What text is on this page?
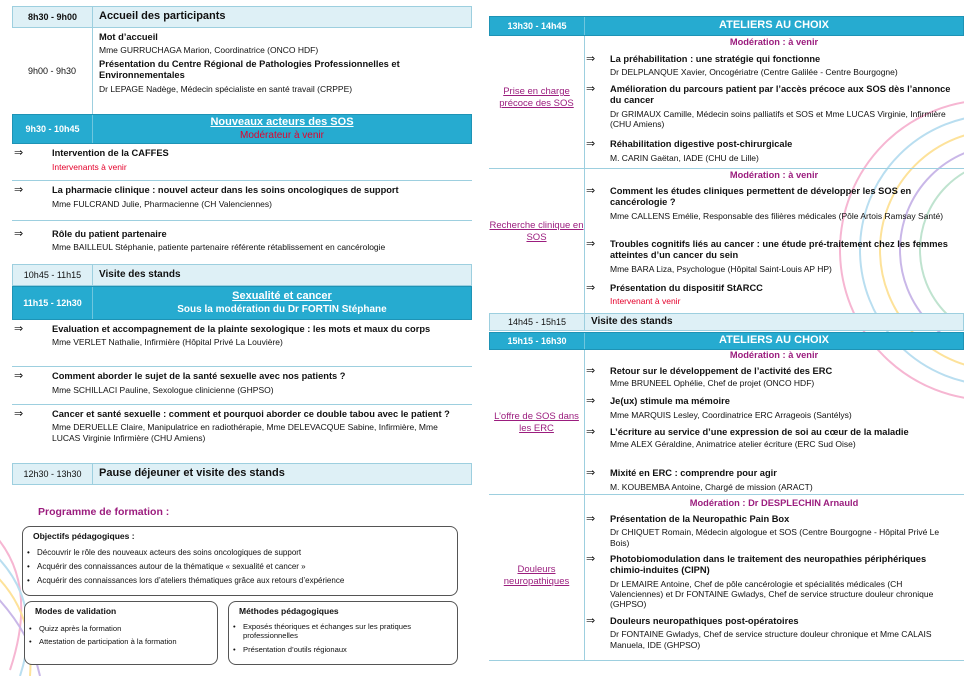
8h30 - 9h00	Accueil des participants
9h00 - 9h30
Mot d’accueil
Mme GURRUCHAGA Marion, Coordinatrice (ONCO HDF)
Présentation du Centre Régional de Pathologies Professionnelles et Environnementales
Dr LEPAGE Nadège, Médecin spécialiste en santé travail (CRPPE)
9h30 - 10h45
Nouveaux acteurs des SOS
Modérateur à venir
⇒	Intervention de la CAFFES
Intervenants à venir
⇒	La pharmacie clinique : nouvel acteur dans les soins oncologiques de support
Mme FULCRAND Julie, Pharmacienne (CH Valenciennes)
⇒	Rôle du patient partenaire
Mme BAILLEUL Stéphanie, patiente partenaire référente rétablissement en cancérologie
10h45 - 11h15	Visite des stands
11h15 - 12h30
Sexualité et cancer
Sous la modération du Dr FORTIN Stéphane
⇒	Evaluation et accompagnement de la plainte sexologique : les mots et maux du corps
Mme VERLET Nathalie, Infirmière (Hôpital Privé La Louvière)
⇒	Comment aborder le sujet de la santé sexuelle avec nos patients ?
Mme SCHILLACI Pauline, Sexologue clinicienne (GHPSO)
⇒	Cancer et santé sexuelle : comment et pourquoi aborder ce double tabou avec le patient ?
Mme DERUELLE Claire, Manipulatrice en radiothérapie, Mme DELEVACQUE Sabine, Infirmière, Mme LUCAS Virginie Infirmière (CHU Amiens)
12h30 - 13h30	Pause déjeuner et visite des stands
Programme de formation :
Objectifs pédagogiques :
• Découvrir le rôle des nouveaux acteurs des soins oncologiques de support
• Acquérir des connaissances autour de la thématique « sexualité et cancer »
• Acquérir des connaissances lors d’ateliers thématiques grâce aux retours d’expérience
Modes de validation
• Quizz après la formation
• Attestation de participation à la formation
Méthodes pédagogiques
• Exposés théoriques et échanges sur les pratiques professionnelles
• Présentation d’outils régionaux
13h30 - 14h45	ATELIERS AU CHOIX
Modération : à venir
Prise en charge précoce des SOS
⇒ La préhabilitation : une stratégie qui fonctionne
Dr DELPLANQUE Xavier, Oncogériatre (Centre Galilée - Centre Bourgogne)
⇒ Amélioration du parcours patient par l’accès précoce aux SOS dès l’annonce du cancer
Dr GRIMAUX Camille, Médecin soins palliatifs et SOS et Mme LUCAS Virginie, Infirmière (CHU Amiens)
⇒ Réhabilitation digestive post-chirurgicale
M. CARIN Gaëtan, IADE (CHU de Lille)
Modération : à venir
Recherche clinique en SOS
⇒ Comment les études cliniques permettent de développer les SOS en cancérologie ?
Mme CALLENS Emélie, Responsable des filières médicales (Pôle Artois Ramsay Santé)
⇒ Troubles cognitifs liés au cancer : une étude pré-traitement chez les femmes atteintes d’un cancer du sein
Mme BARA Liza, Psychologue (Hôpital Saint-Louis AP HP)
⇒ Présentation du dispositif StARCC
Intervenant à venir
14h45 - 15h15	Visite des stands
15h15 - 16h30	ATELIERS AU CHOIX
Modération : à venir
L’offre de SOS dans les ERC
⇒ Retour sur le développement de l’activité des ERC
Mme BRUNEEL Ophélie, Chef de projet (ONCO HDF)
⇒ Je(ux) stimule ma mémoire
Mme MARQUIS Lesley, Coordinatrice ERC Arrageois (Santélys)
⇒ L’écriture au service d’une expression de soi au cœur de la maladie
Mme ALEX Géraldine, Animatrice atelier écriture (ERC Sud Oise)
⇒ Mixité en ERC : comprendre pour agir
M. KOUBEMBA Antoine, Chargé de mission (ARACT)
Modération : Dr DESPLECHIN Arnauld
Douleurs neuropathiques
⇒ Présentation de la Neuropathic Pain Box
Dr CHIQUET Romain, Médecin algologue et SOS (Centre Bourgogne - Hôpital Privé Le Bois)
⇒ Photobiomodulation dans le traitement des neuropathies périphériques chimio-induites (CIPN)
Dr LEMAIRE Antoine, Chef de pôle cancérologie et spécialités médicales (CH Valenciennes) et Dr FONTAINE Gwladys, Chef de service structure douleur chronique (GHPSO)
⇒ Douleurs neuropathiques post-opératoires
Dr FONTAINE Gwladys, Chef de service structure douleur chronique et Mme CALAIS Manuela, IDE (GHPSO)
